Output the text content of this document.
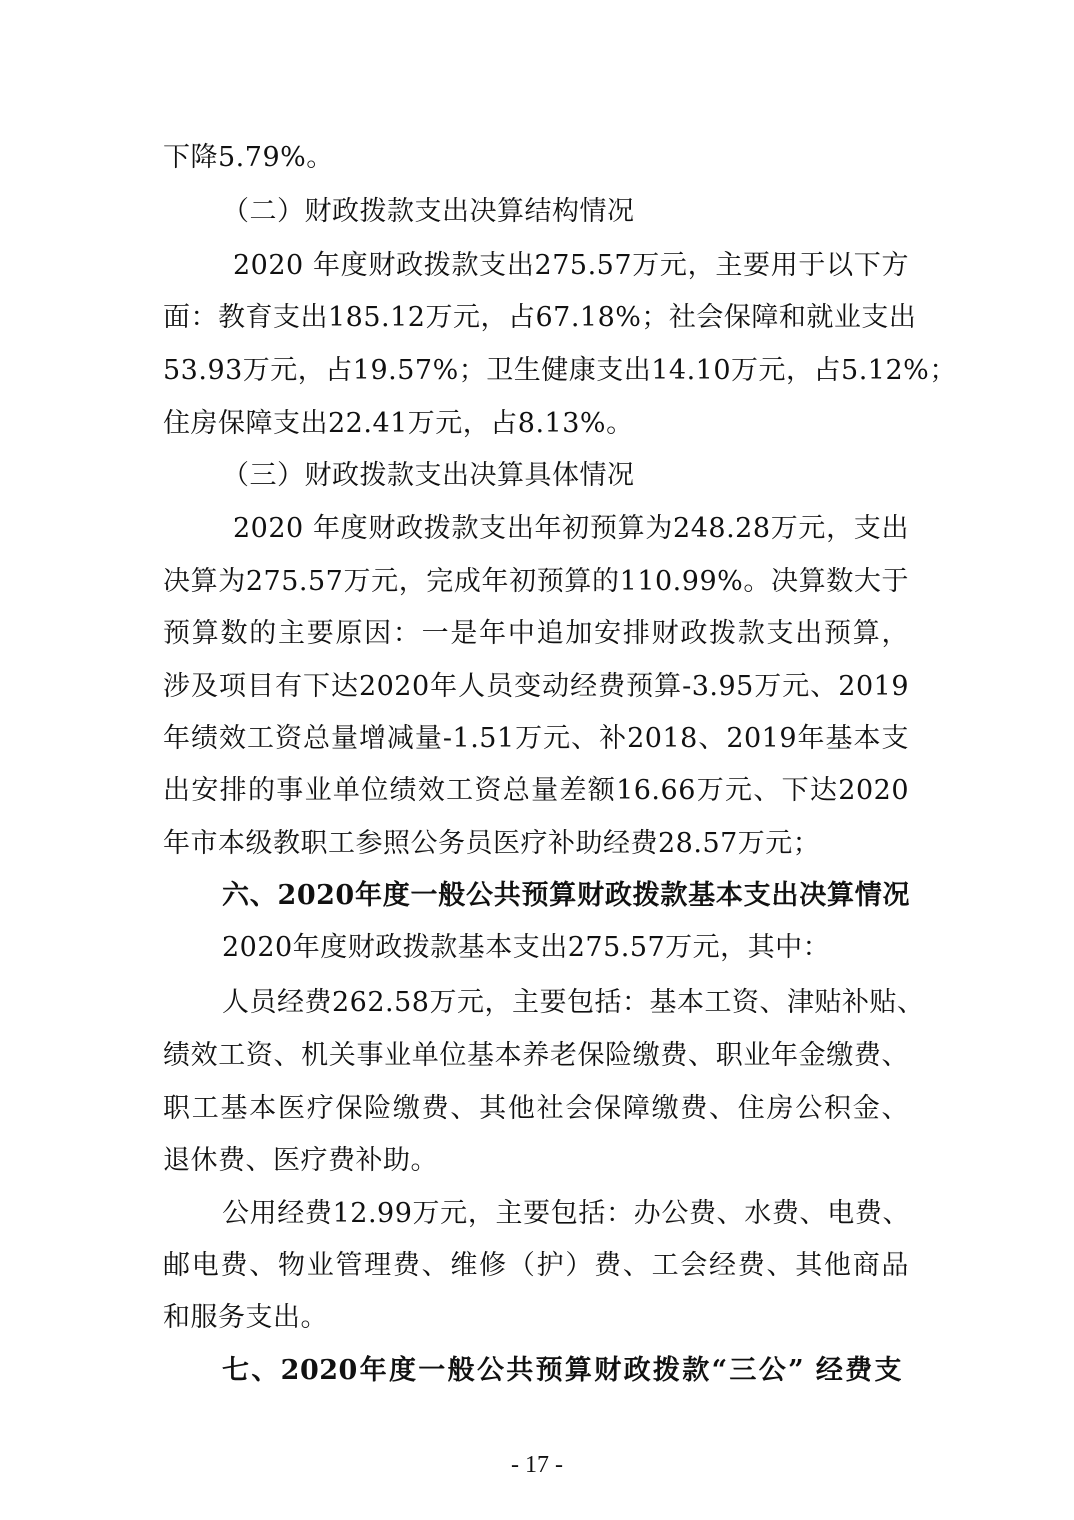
下降5.79%。
（二）财政拨款支出决算结构情况
2020 年度财政拨款支出275.57万元，主要用于以下方
面：教育支出185.12万元，占67.18%；社会保障和就业支出
53.93万元，占19.57%；卫生健康支出14.10万元，占5.12%；
住房保障支出22.41万元，占8.13%。
（三）财政拨款支出决算具体情况
2020 年度财政拨款支出年初预算为248.28万元，支出
决算为275.57万元，完成年初预算的110.99%。决算数大于
预算数的主要原因：一是年中追加安排财政拨款支出预算，
涉及项目有下达2020年人员变动经费预算-3.95万元、2019
年绩效工资总量增减量-1.51万元、补2018、2019年基本支
出安排的事业单位绩效工资总量差额16.66万元、下达2020
年市本级教职工参照公务员医疗补助经费28.57万元；
六、2020年度一般公共预算财政拨款基本支出决算情况
2020年度财政拨款基本支出275.57万元，其中：
人员经费262.58万元，主要包括：基本工资、津贴补贴、
绩效工资、机关事业单位基本养老保险缴费、职业年金缴费、
职工基本医疗保险缴费、其他社会保障缴费、住房公积金、
退休费、医疗费补助。
公用经费12.99万元，主要包括：办公费、水费、电费、
邮电费、物业管理费、维修（护）费、工会经费、其他商品
和服务支出。
七、2020年度一般公共预算财政拨款“三公” 经费支
- 17 -
